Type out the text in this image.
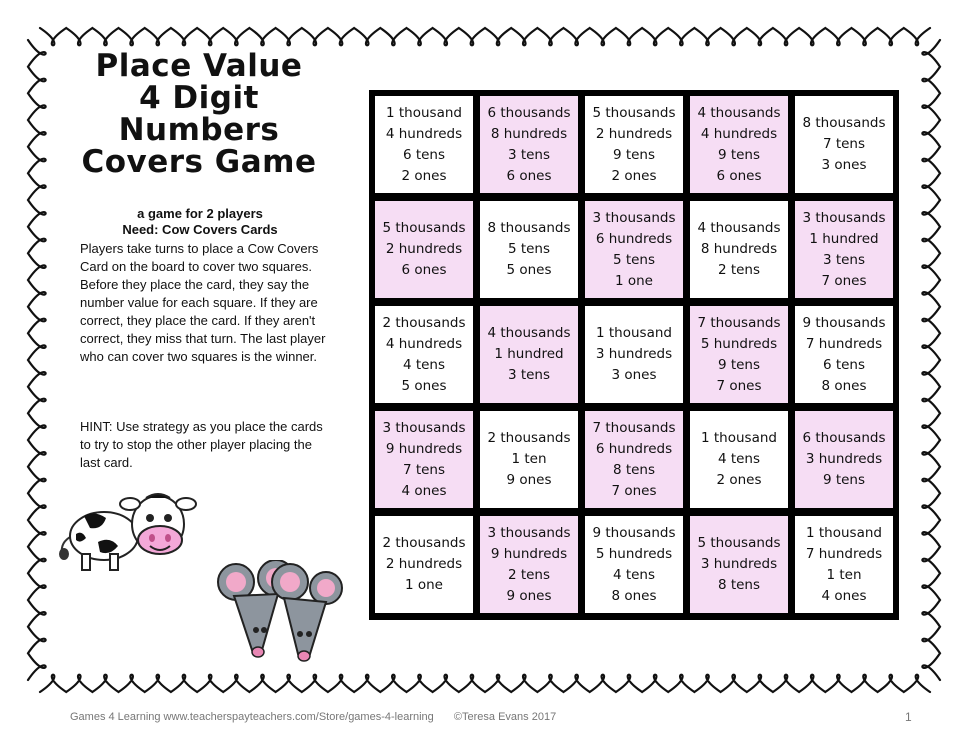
Place Value
4 Digit
Numbers
Covers Game
a game for 2 players
Need: Cow Covers Cards
Players take turns to place a Cow Covers Card on the board to cover two squares. Before they place the card, they say the number value for each square. If they are correct, they place the card. If they aren't correct, they miss that turn. The last player who can cover two squares is the winner.
HINT: Use strategy as you place the cards to try to stop the other player placing the last card.
1 thousand
4 hundreds
6 tens
2 ones
6 thousands
8 hundreds
3 tens
6 ones
5 thousands
2 hundreds
9 tens
2 ones
4 thousands
4 hundreds
9 tens
6 ones
8 thousands
7 tens
3 ones
5 thousands
2 hundreds
6 ones
8 thousands
5 tens
5 ones
3 thousands
6 hundreds
5 tens
1 one
4 thousands
8 hundreds
2 tens
3 thousands
1 hundred
3 tens
7 ones
2 thousands
4 hundreds
4 tens
5 ones
4 thousands
1 hundred
3 tens
1 thousand
3 hundreds
3 ones
7 thousands
5 hundreds
9 tens
7 ones
9 thousands
7 hundreds
6 tens
8 ones
3 thousands
9 hundreds
7 tens
4 ones
2 thousands
1 ten
9 ones
7 thousands
6 hundreds
8 tens
7 ones
1 thousand
4 tens
2 ones
6 thousands
3 hundreds
9 tens
2 thousands
2 hundreds
1 one
3 thousands
9 hundreds
2 tens
9 ones
9 thousands
5 hundreds
4 tens
8 ones
5 thousands
3 hundreds
8 tens
1 thousand
7 hundreds
1 ten
4 ones
Games 4 Learning www.teacherspayteachers.com/Store/games-4-learning ©Teresa Evans 2017	1
